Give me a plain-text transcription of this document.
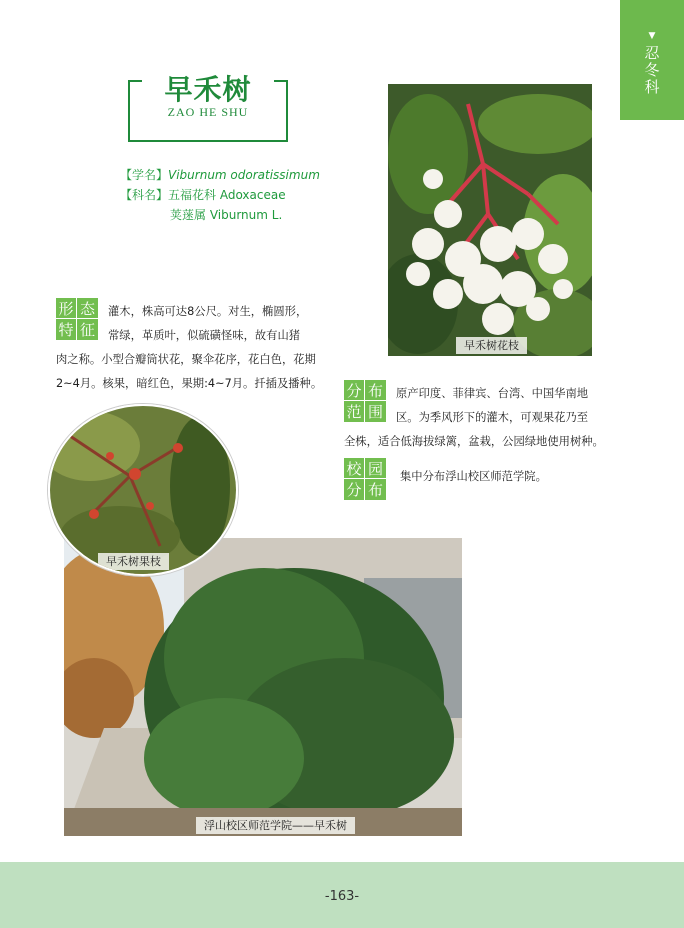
▼
忍冬科
早禾树
ZAO HE SHU
【学名】Viburnum odoratissimum
【科名】五福花科 Adoxaceae
荚蒾属 Viburnum L.
形 态
特 征
灌木，株高可达8公尺。对生，椭圆形，
常绿，革质叶，似硫磺怪味，故有山猪
肉之称。小型合瓣筒状花，聚伞花序，花白色，花期
2~4月。核果，暗红色，果期:4~7月。扦插及播种。
早禾树花枝
分 布
范 围
原产印度、菲律宾、台湾、中国华南地
区。为季风形下的灌木，可观果花乃至
全株，适合低海拔绿篱，盆栽，公园绿地使用树种。
校 园
分 布
集中分布浮山校区师范学院。
浮山校区师范学院——早禾树
早禾树果枝
-163-
